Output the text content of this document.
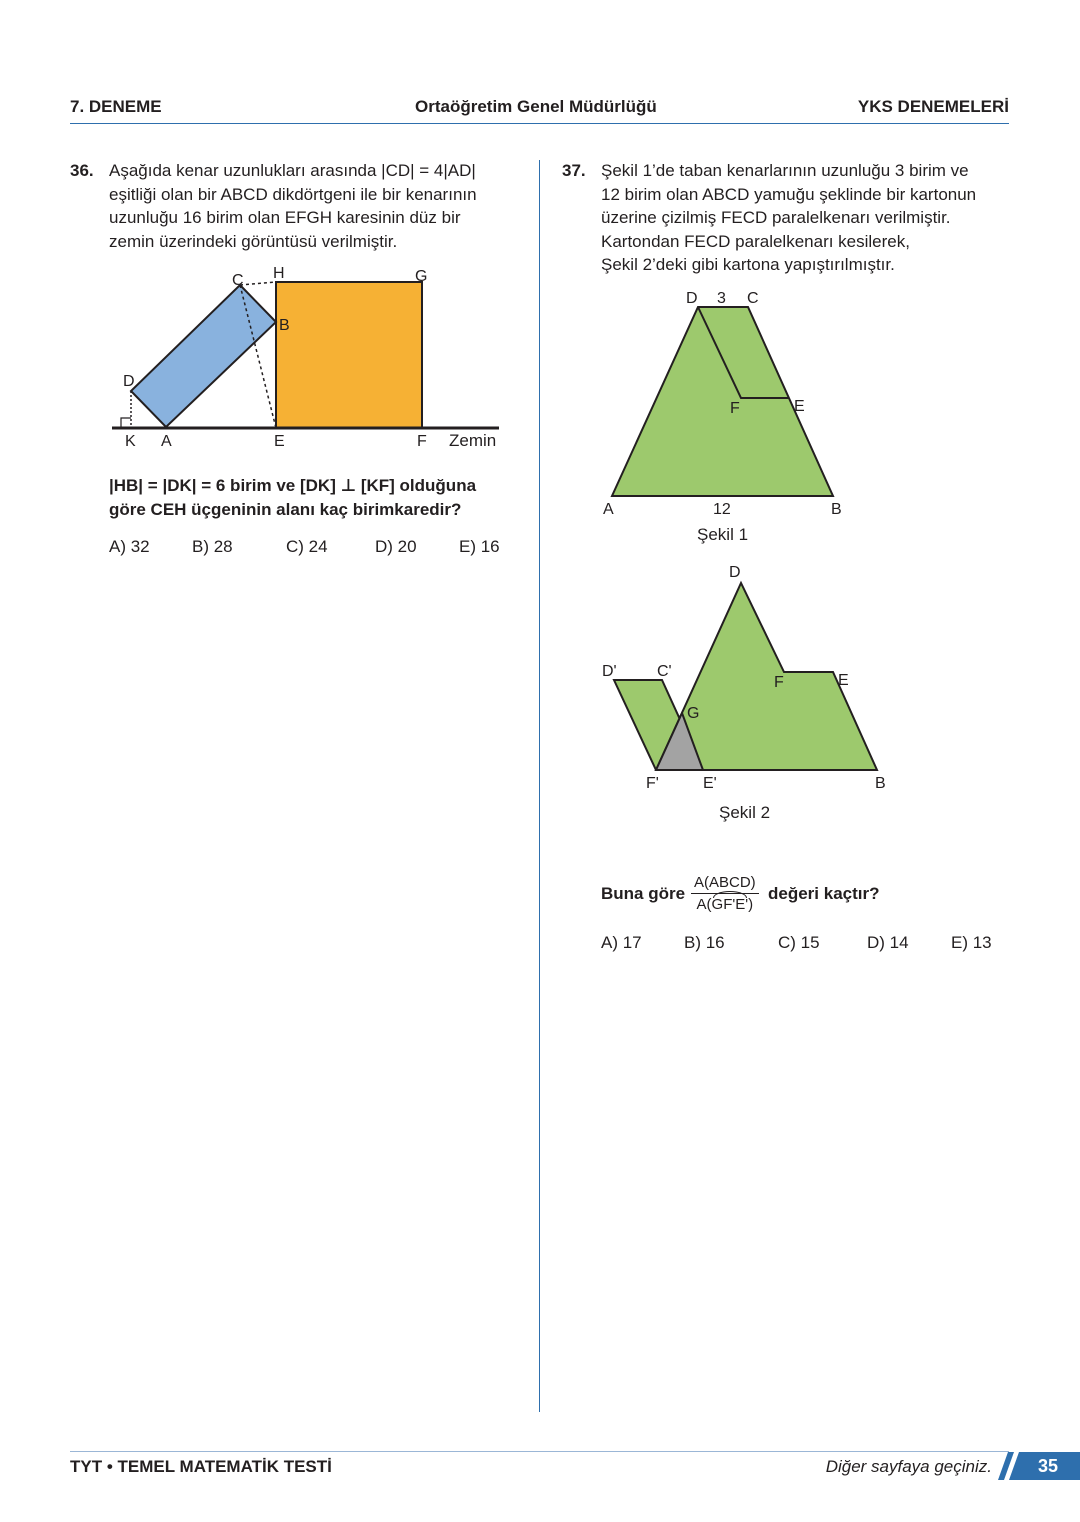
7. DENEME	Ortaöğretim Genel Müdürlüğü	YKS DENEMELERİ
36. Aşağıda kenar uzunlukları arasında |CD| = 4|AD|
eşitliği olan bir ABCD dikdörtgeni ile bir kenarının
uzunluğu 16 birim olan EFGH karesinin düz bir
zemin üzerindeki görüntüsü verilmiştir.
C H	G
B
D
K A	E	F Zemin
|HB| = |DK| = 6 birim ve [DK] ⊥ [KF] olduğuna
göre CEH üçgeninin alanı kaç birimkaredir?
A) 32 B) 28	C) 24	D) 20 E) 16
37. Şekil 1’de taban kenarlarının uzunluğu 3 birim ve
12 birim olan ABCD yamuğu şeklinde bir kartonun
üzerine çizilmiş FECD paralelkenarı verilmiştir.
Kartondan FECD paralelkenarı kesilerek,
Şekil 2’deki gibi kartona yapıştırılmıştır.
D 3 C
F	E
A	12	B
Şekil 1
D
D'	C'
G
F	E
F'	E'	B
Şekil 2
Buna göre
A(ABCD)
A(GF'E')
değeri kaçtır?
A) 17 B) 16	C) 15	D) 14 E) 13
TYT • TEMEL MATEMATİK TESTİ	Diğer sayfaya geçiniz.	35
